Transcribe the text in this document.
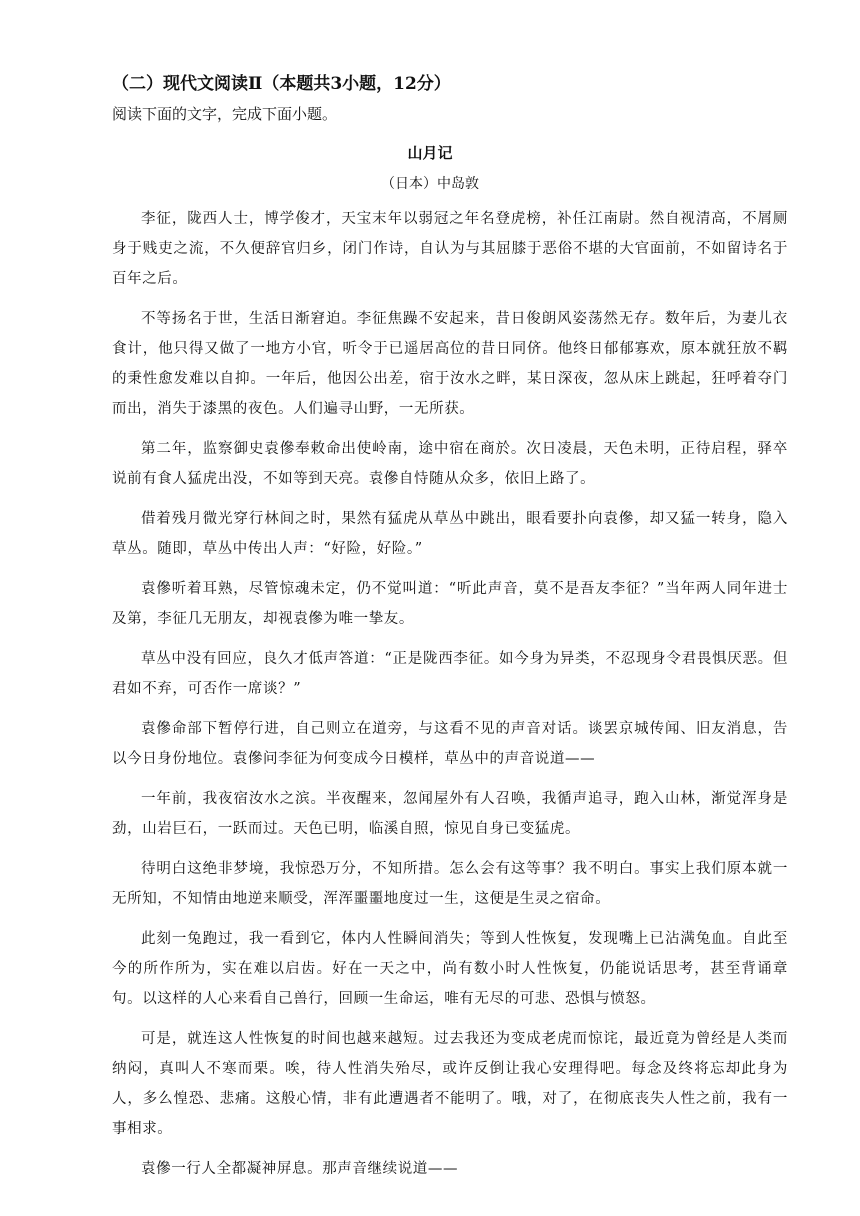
（二）现代文阅读Ⅱ（本题共3小题，12分）

阅读下面的文字，完成下面小题。

山月记

（日本）中岛敦

李征，陇西人士，博学俊才，天宝末年以弱冠之年名登虎榜，补任江南尉。然自视清高，不屑厕身于贱吏之流，不久便辞官归乡，闭门作诗，自认为与其屈膝于恶俗不堪的大官面前，不如留诗名于百年之后。

不等扬名于世，生活日渐窘迫。李征焦躁不安起来，昔日俊朗风姿荡然无存。数年后，为妻儿衣食计，他只得又做了一地方小官，听令于已遥居高位的昔日同侪。他终日郁郁寡欢，原本就狂放不羁的秉性愈发难以自抑。一年后，他因公出差，宿于汝水之畔，某日深夜，忽从床上跳起，狂呼着夺门而出，消失于漆黑的夜色。人们遍寻山野，一无所获。

第二年，监察御史袁傪奉敕命出使岭南，途中宿在商於。次日凌晨，天色未明，正待启程，驿卒说前有食人猛虎出没，不如等到天亮。袁傪自恃随从众多，依旧上路了。

借着残月微光穿行林间之时，果然有猛虎从草丛中跳出，眼看要扑向袁傪，却又猛一转身，隐入草丛。随即，草丛中传出人声：“好险，好险。”

袁傪听着耳熟，尽管惊魂未定，仍不觉叫道：“听此声音，莫不是吾友李征？”当年两人同年进士及第，李征几无朋友，却视袁傪为唯一挚友。

草丛中没有回应，良久才低声答道：“正是陇西李征。如今身为异类，不忍现身令君畏惧厌恶。但君如不弃，可否作一席谈？”

袁傪命部下暂停行进，自己则立在道旁，与这看不见的声音对话。谈罢京城传闻、旧友消息，告以今日身份地位。袁傪问李征为何变成今日模样，草丛中的声音说道——

一年前，我夜宿汝水之滨。半夜醒来，忽闻屋外有人召唤，我循声追寻，跑入山林，渐觉浑身是劲，山岩巨石，一跃而过。天色已明，临溪自照，惊见自身已变猛虎。

待明白这绝非梦境，我惊恐万分，不知所措。怎么会有这等事？我不明白。事实上我们原本就一无所知，不知情由地逆来顺受，浑浑噩噩地度过一生，这便是生灵之宿命。

此刻一兔跑过，我一看到它，体内人性瞬间消失；等到人性恢复，发现嘴上已沾满兔血。自此至今的所作所为，实在难以启齿。好在一天之中，尚有数小时人性恢复，仍能说话思考，甚至背诵章句。以这样的人心来看自己兽行，回顾一生命运，唯有无尽的可悲、恐惧与愤怒。

可是，就连这人性恢复的时间也越来越短。过去我还为变成老虎而惊诧，最近竟为曾经是人类而纳闷，真叫人不寒而栗。唉，待人性消失殆尽，或许反倒让我心安理得吧。每念及终将忘却此身为人，多么惶恐、悲痛。这般心情，非有此遭遇者不能明了。哦，对了，在彻底丧失人性之前，我有一事相求。

袁傪一行人全都凝神屏息。那声音继续说道——
